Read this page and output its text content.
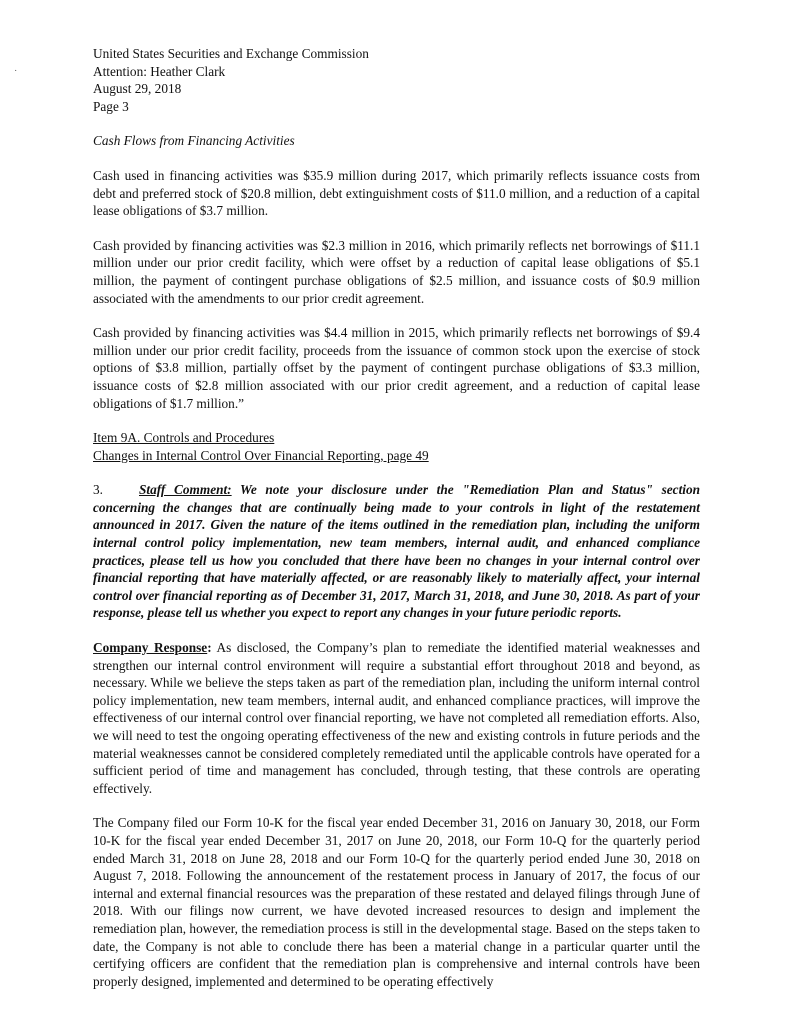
˙
United States Securities and Exchange Commission
Attention: Heather Clark
August 29, 2018
Page 3
Cash Flows from Financing Activities
Cash used in financing activities was $35.9 million during 2017, which primarily reflects issuance costs from debt and preferred stock of $20.8 million, debt extinguishment costs of $11.0 million, and a reduction of a capital lease obligations of $3.7 million.
Cash provided by financing activities was $2.3 million in 2016, which primarily reflects net borrowings of $11.1 million under our prior credit facility, which were offset by a reduction of capital lease obligations of $5.1 million, the payment of contingent purchase obligations of $2.5 million, and issuance costs of $0.9 million associated with the amendments to our prior credit agreement.
Cash provided by financing activities was $4.4 million in 2015, which primarily reflects net borrowings of $9.4 million under our prior credit facility, proceeds from the issuance of common stock upon the exercise of stock options of $3.8 million, partially offset by the payment of contingent purchase obligations of $3.3 million, issuance costs of $2.8 million associated with our prior credit agreement, and a reduction of capital lease obligations of $1.7 million.”
Item 9A. Controls and Procedures
Changes in Internal Control Over Financial Reporting, page 49
3.	Staff Comment: We note your disclosure under the "Remediation Plan and Status" section concerning the changes that are continually being made to your controls in light of the restatement announced in 2017. Given the nature of the items outlined in the remediation plan, including the uniform internal control policy implementation, new team members, internal audit, and enhanced compliance practices, please tell us how you concluded that there have been no changes in your internal control over financial reporting that have materially affected, or are reasonably likely to materially affect, your internal control over financial reporting as of December 31, 2017, March 31, 2018, and June 30, 2018. As part of your response, please tell us whether you expect to report any changes in your future periodic reports.
Company Response: As disclosed, the Company’s plan to remediate the identified material weaknesses and strengthen our internal control environment will require a substantial effort throughout 2018 and beyond, as necessary. While we believe the steps taken as part of the remediation plan, including the uniform internal control policy implementation, new team members, internal audit, and enhanced compliance practices, will improve the effectiveness of our internal control over financial reporting, we have not completed all remediation efforts. Also, we will need to test the ongoing operating effectiveness of the new and existing controls in future periods and the material weaknesses cannot be considered completely remediated until the applicable controls have operated for a sufficient period of time and management has concluded, through testing, that these controls are operating effectively.
The Company filed our Form 10-K for the fiscal year ended December 31, 2016 on January 30, 2018, our Form 10-K for the fiscal year ended December 31, 2017 on June 20, 2018, our Form 10-Q for the quarterly period ended March 31, 2018 on June 28, 2018 and our Form 10-Q for the quarterly period ended June 30, 2018 on August 7, 2018. Following the announcement of the restatement process in January of 2017, the focus of our internal and external financial resources was the preparation of these restated and delayed filings through June of 2018. With our filings now current, we have devoted increased resources to design and implement the remediation plan, however, the remediation process is still in the developmental stage. Based on the steps taken to date, the Company is not able to conclude there has been a material change in a particular quarter until the certifying officers are confident that the remediation plan is comprehensive and internal controls have been properly designed, implemented and determined to be operating effectively
